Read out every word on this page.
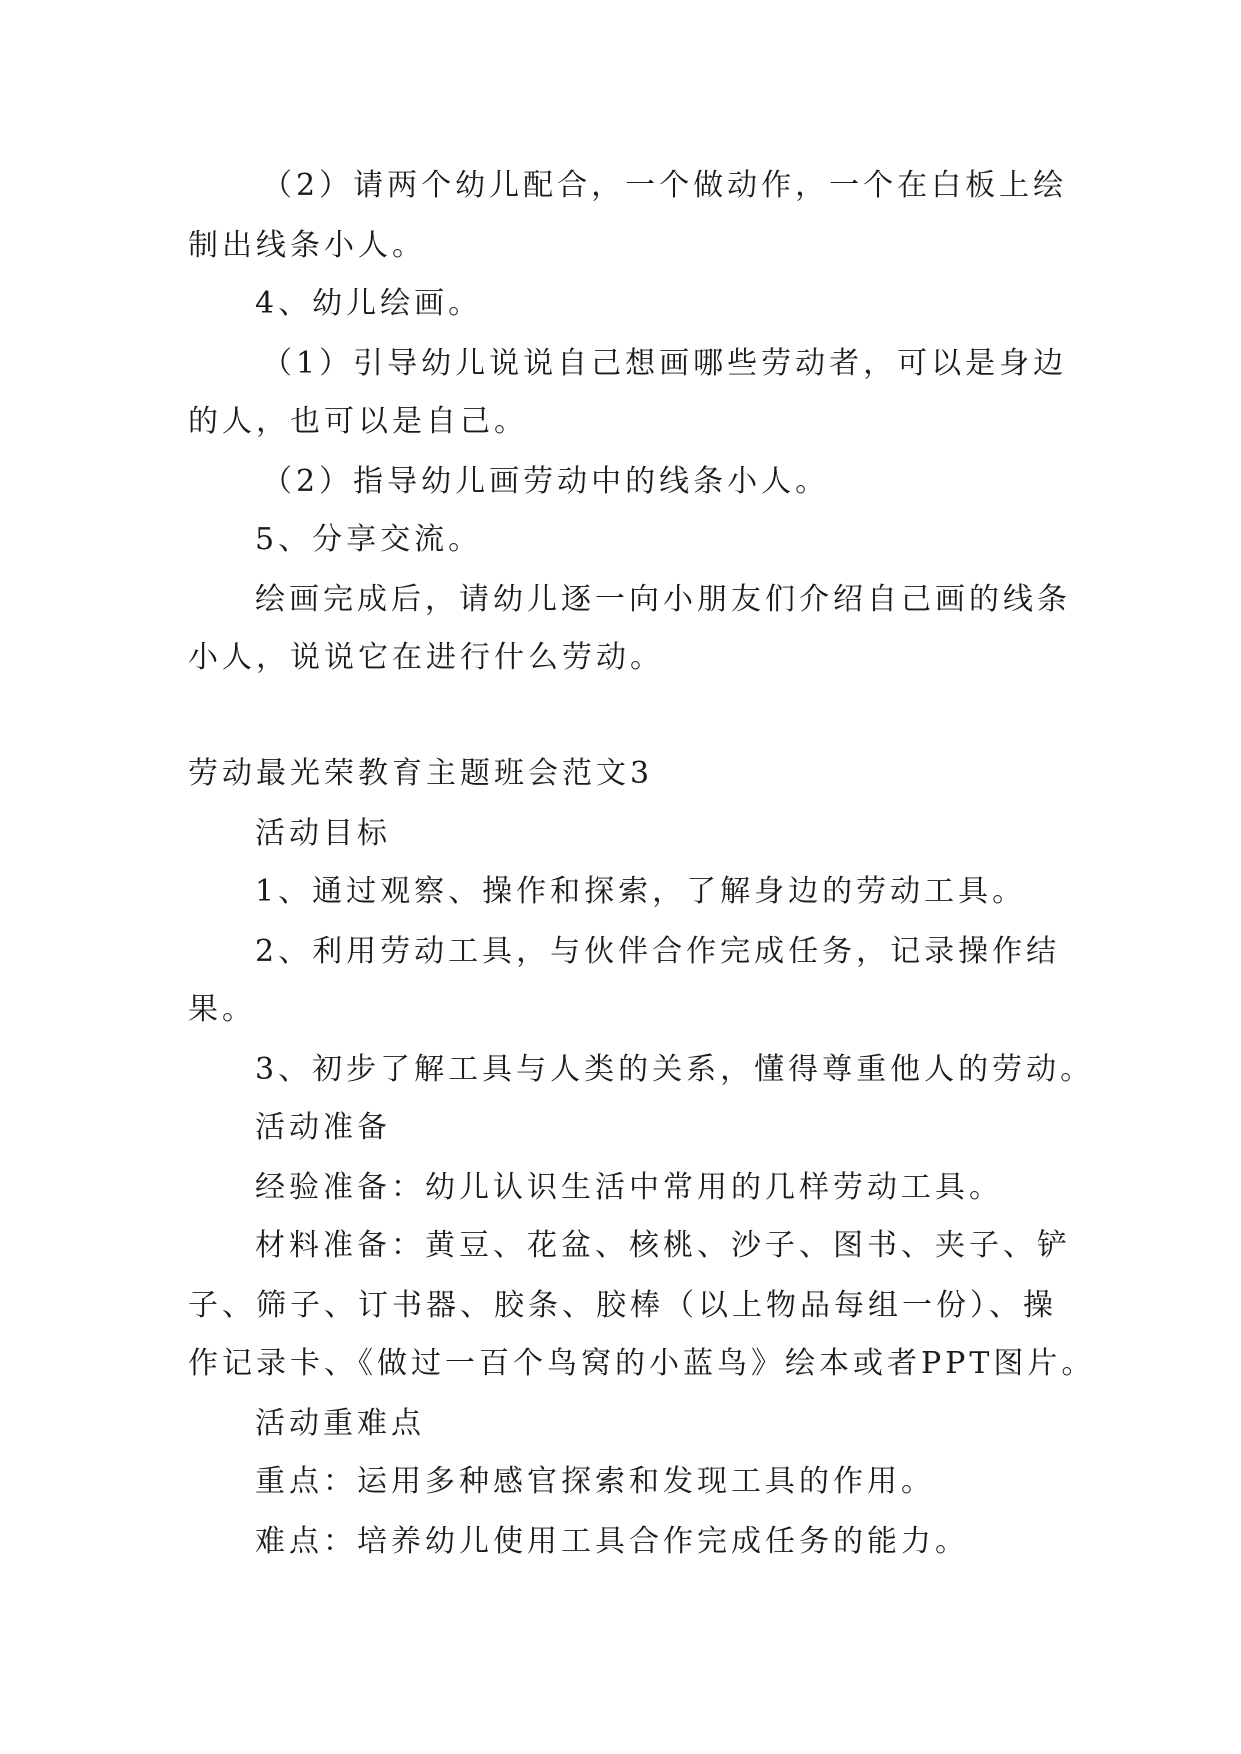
（2）请两个幼儿配合，一个做动作，一个在白板上绘
制出线条小人。
4、幼儿绘画。
（1）引导幼儿说说自己想画哪些劳动者，可以是身边
的人，也可以是自己。
（2）指导幼儿画劳动中的线条小人。
5、分享交流。
绘画完成后，请幼儿逐一向小朋友们介绍自己画的线条
小人，说说它在进行什么劳动。
劳动最光荣教育主题班会范文3
活动目标
1、通过观察、操作和探索，了解身边的劳动工具。
2、利用劳动工具，与伙伴合作完成任务，记录操作结
果。
3、初步了解工具与人类的关系，懂得尊重他人的劳动。
活动准备
经验准备：幼儿认识生活中常用的几样劳动工具。
材料准备：黄豆、花盆、核桃、沙子、图书、夹子、铲
子、筛子、订书器、胶条、胶棒（以上物品每组一份）、操
作记录卡、《做过一百个鸟窝的小蓝鸟》绘本或者PPT图片。
活动重难点
重点：运用多种感官探索和发现工具的作用。
难点：培养幼儿使用工具合作完成任务的能力。
